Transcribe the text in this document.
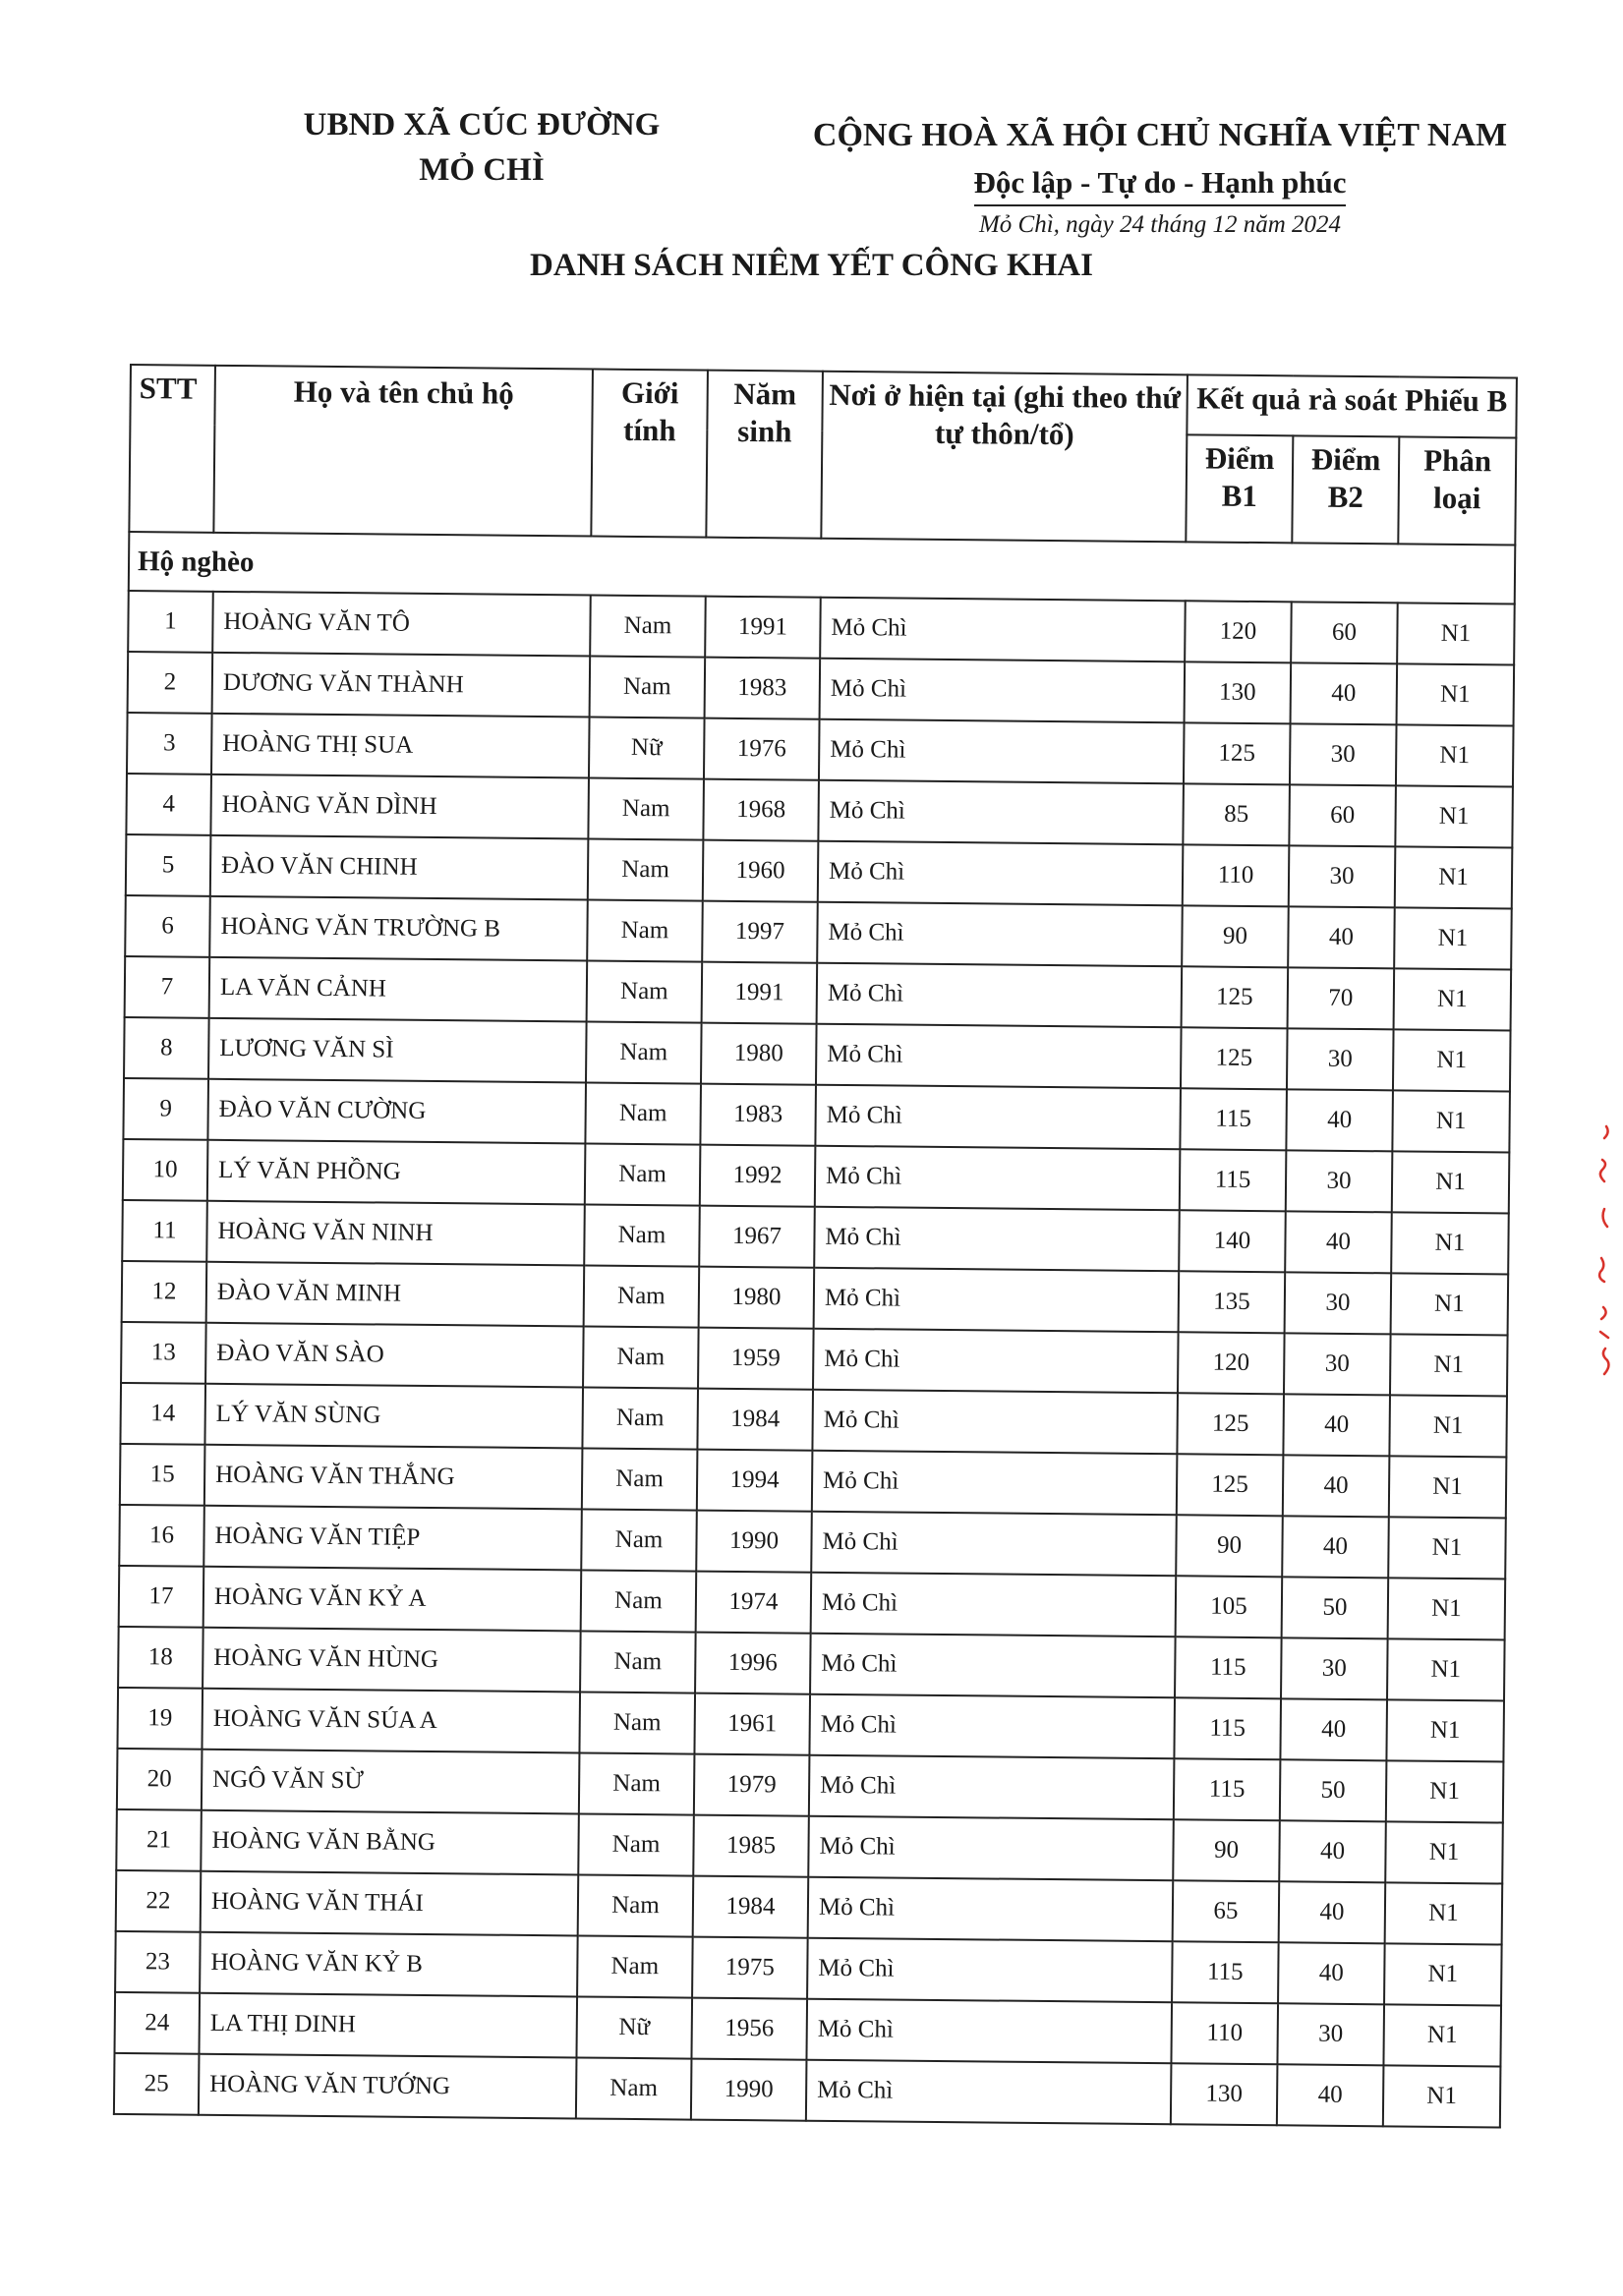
UBND XÃ CÚC ĐƯỜNG
MỎ CHÌ
CỘNG HOÀ XÃ HỘI CHỦ NGHĨA VIỆT NAM
Độc lập - Tự do - Hạnh phúc
Mỏ Chì, ngày 24 tháng 12 năm 2024
DANH SÁCH NIÊM YẾT CÔNG KHAI
STT	Họ và tên chủ hộ	Giới tính	Năm sinh	Nơi ở hiện tại (ghi theo thứ tự thôn/tổ)	Kết quả rà soát Phiếu B		
					Điểm B1	Điểm B2	Phân loại
Hộ nghèo							
1	HOÀNG VĂN TÔ	Nam	1991	Mỏ Chì	120	60	N1
2	DƯƠNG VĂN THÀNH	Nam	1983	Mỏ Chì	130	40	N1
3	HOÀNG THỊ SUA	Nữ	1976	Mỏ Chì	125	30	N1
4	HOÀNG VĂN DÌNH	Nam	1968	Mỏ Chì	85	60	N1
5	ĐÀO VĂN CHINH	Nam	1960	Mỏ Chì	110	30	N1
6	HOÀNG VĂN TRƯỜNG B	Nam	1997	Mỏ Chì	90	40	N1
7	LA VĂN CẢNH	Nam	1991	Mỏ Chì	125	70	N1
8	LƯƠNG VĂN SÌ	Nam	1980	Mỏ Chì	125	30	N1
9	ĐÀO VĂN CƯỜNG	Nam	1983	Mỏ Chì	115	40	N1
10	LÝ VĂN PHỒNG	Nam	1992	Mỏ Chì	115	30	N1
11	HOÀNG VĂN NINH	Nam	1967	Mỏ Chì	140	40	N1
12	ĐÀO VĂN MINH	Nam	1980	Mỏ Chì	135	30	N1
13	ĐÀO VĂN SÀO	Nam	1959	Mỏ Chì	120	30	N1
14	LÝ VĂN SÙNG	Nam	1984	Mỏ Chì	125	40	N1
15	HOÀNG VĂN THẮNG	Nam	1994	Mỏ Chì	125	40	N1
16	HOÀNG VĂN TIỆP	Nam	1990	Mỏ Chì	90	40	N1
17	HOÀNG VĂN KỶ A	Nam	1974	Mỏ Chì	105	50	N1
18	HOÀNG VĂN HÙNG	Nam	1996	Mỏ Chì	115	30	N1
19	HOÀNG VĂN SÚA A	Nam	1961	Mỏ Chì	115	40	N1
20	NGÔ VĂN SỪ	Nam	1979	Mỏ Chì	115	50	N1
21	HOÀNG VĂN BẰNG	Nam	1985	Mỏ Chì	90	40	N1
22	HOÀNG VĂN THÁI	Nam	1984	Mỏ Chì	65	40	N1
23	HOÀNG VĂN KỶ B	Nam	1975	Mỏ Chì	115	40	N1
24	LA THỊ DINH	Nữ	1956	Mỏ Chì	110	30	N1
25	HOÀNG VĂN TƯỚNG	Nam	1990	Mỏ Chì	130	40	N1
